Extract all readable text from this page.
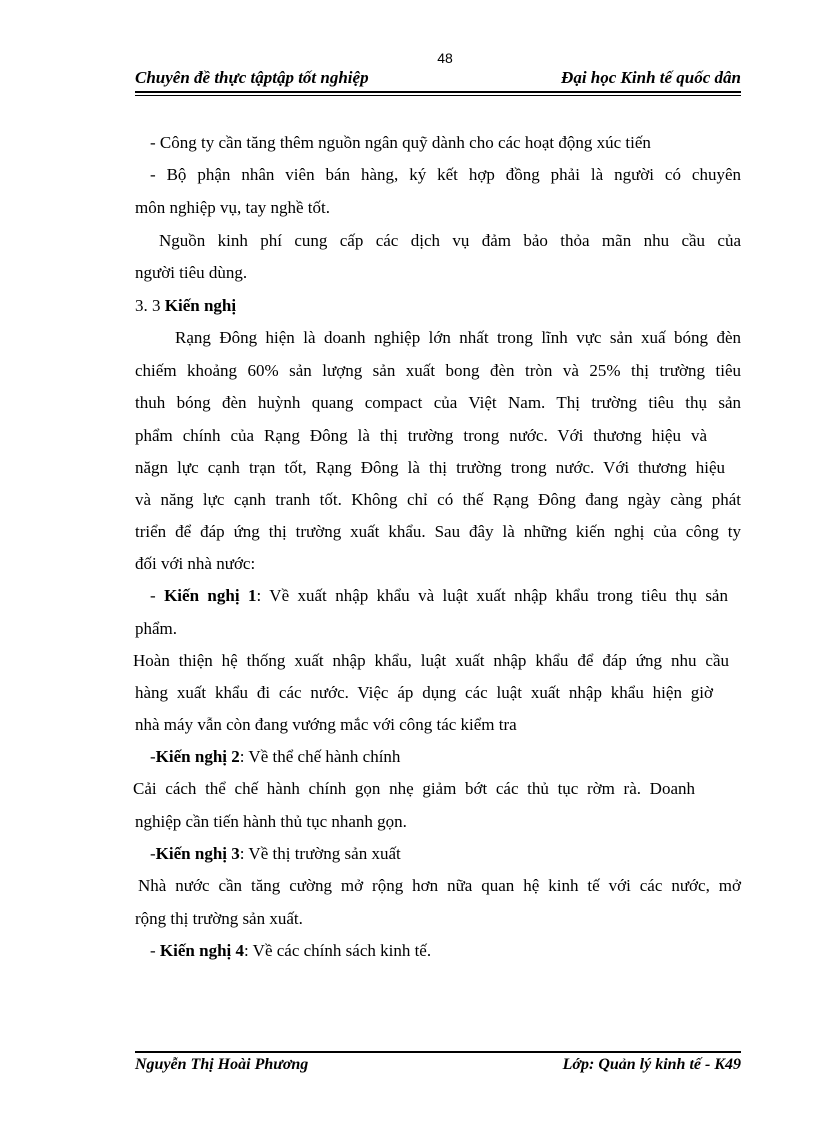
48
Chuyên đề thực tậptập tốt nghiệp	Đại học Kinh tế quốc dân
- Công ty cần tăng thêm nguồn ngân quỹ dành cho các hoạt động xúc tiến
- Bộ phận nhân viên bán hàng, ký kết hợp đồng phải là người có chuyên
môn nghiệp vụ, tay nghề tốt.
Nguồn kinh phí cung cấp các dịch vụ đảm bảo thỏa mãn nhu cầu của
người tiêu dùng.
3. 3 Kiến nghị
Rạng Đông hiện là doanh nghiệp lớn nhất trong lĩnh vực sản xuấ bóng đèn
chiếm khoảng 60% sản lượng sản xuất bong đèn tròn và 25% thị trường tiêu
thuh bóng đèn huỳnh quang compact của Việt Nam. Thị trường tiêu thụ sản
phẩm chính của Rạng Đông là thị trường trong nước. Với thương hiệu và
năgn lực cạnh trạn tốt, Rạng Đông là thị trường trong nước. Với thương hiệu
và năng lực cạnh tranh tốt. Không chỉ có thế Rạng Đông đang ngày càng phát
triển để đáp ứng thị trường xuất khẩu. Sau đây là những kiến nghị của công ty
đối với nhà nước:
- Kiến nghị 1: Về xuất nhập khẩu và luật xuất nhập khẩu trong tiêu thụ sản
phẩm.
Hoàn thiện hệ thống xuất nhập khẩu, luật xuất nhập khẩu để đáp ứng nhu cầu
hàng xuất khẩu đi các nước. Việc áp dụng các luật xuất nhập khẩu hiện giờ
nhà máy vẫn còn đang vướng mắc với công tác kiểm tra
-Kiến nghị 2: Về thể chế hành chính
Cải cách thể chế hành chính gọn nhẹ giảm bớt các thủ tục rờm rà. Doanh
nghiệp cần tiến hành thủ tục nhanh gọn.
-Kiến nghị 3: Về thị trường sản xuất
Nhà nước cần tăng cường mở rộng hơn nữa quan hệ kinh tế với các nước, mở
rộng thị trường sản xuất.
- Kiến nghị 4: Về các chính sách kinh tế.
Nguyễn Thị Hoài Phương	Lớp: Quản lý kinh tế - K49
